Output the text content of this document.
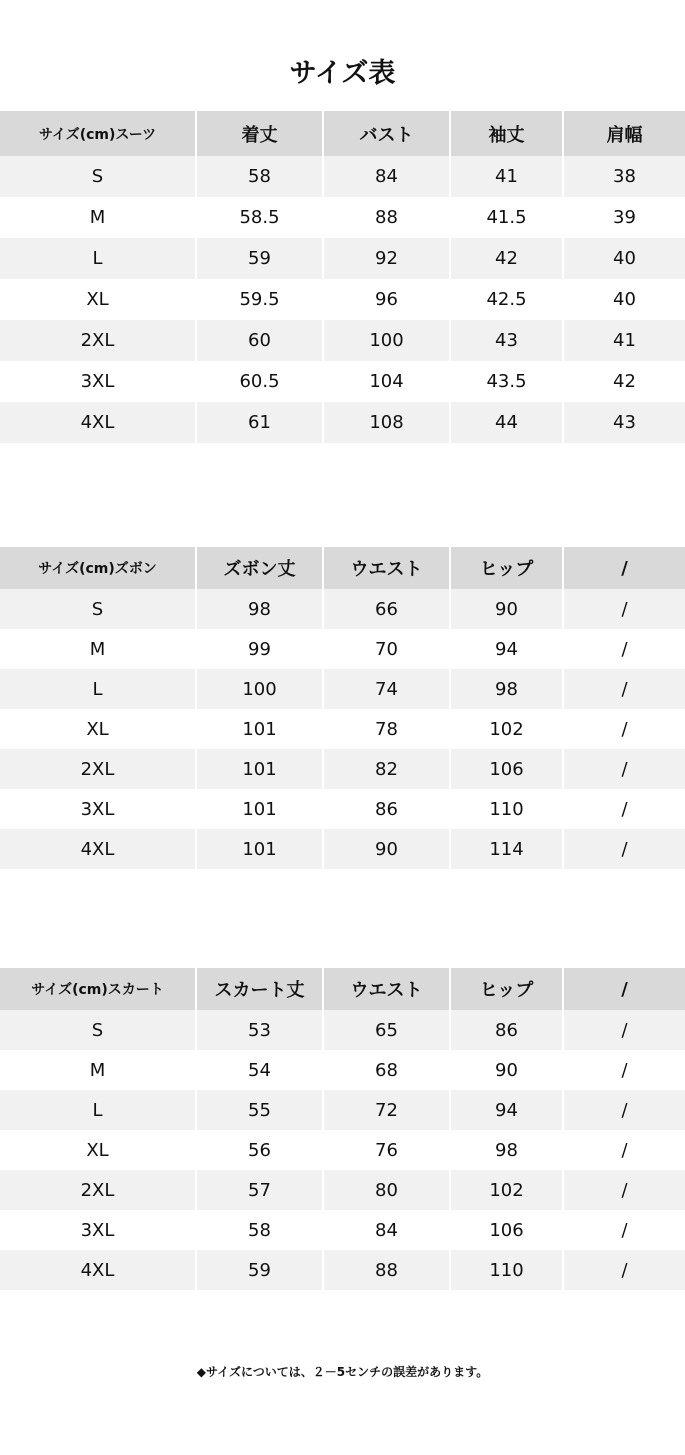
サイズ表
サイズ(cm)スーツ	着丈	バスト	袖丈	肩幅
S	58	84	41	38
M	58.5	88	41.5	39
L	59	92	42	40
XL	59.5	96	42.5	40
2XL	60	100	43	41
3XL	60.5	104	43.5	42
4XL	61	108	44	43
サイズ(cm)ズボン	ズボン丈	ウエスト	ヒップ	/
S	98	66	90	/
M	99	70	94	/
L	100	74	98	/
XL	101	78	102	/
2XL	101	82	106	/
3XL	101	86	110	/
4XL	101	90	114	/
サイズ(cm)スカート	スカート丈	ウエスト	ヒップ	/
S	53	65	86	/
M	54	68	90	/
L	55	72	94	/
XL	56	76	98	/
2XL	57	80	102	/
3XL	58	84	106	/
4XL	59	88	110	/
◆サイズについては、２－5センチの誤差があります。
